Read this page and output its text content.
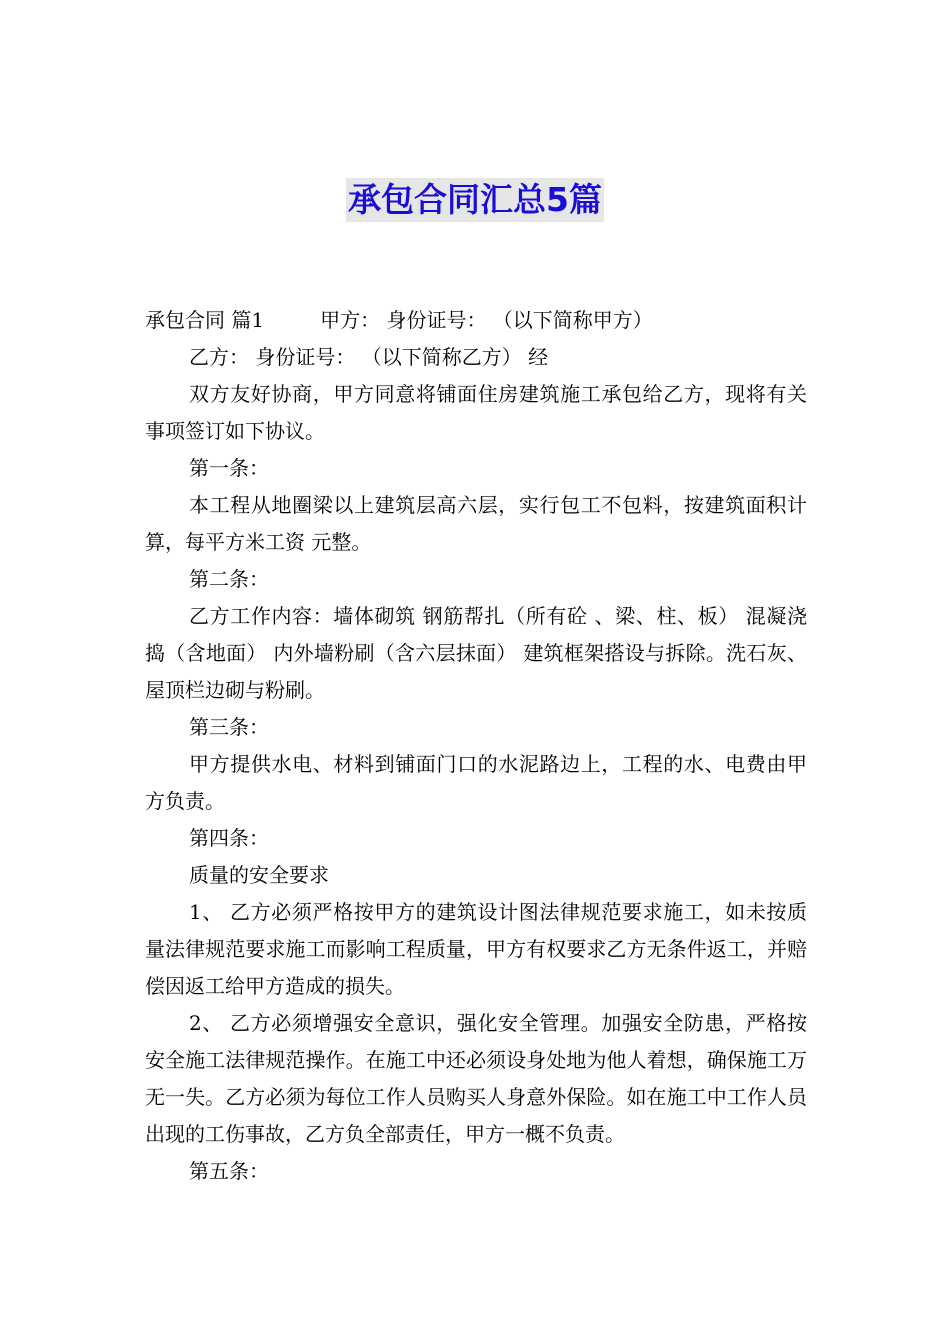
承包合同汇总5篇

承包合同 篇1	甲方： 身份证号： （以下简称甲方）

乙方： 身份证号： （以下简称乙方） 经

双方友好协商，甲方同意将铺面住房建筑施工承包给乙方，现将有关事项签订如下协议。

第一条：

本工程从地圈梁以上建筑层高六层，实行包工不包料，按建筑面积计算，每平方米工资 元整。

第二条：

乙方工作内容：墙体砌筑 钢筋帮扎（所有砼 、梁、柱、板） 混凝浇捣（含地面） 内外墙粉刷（含六层抹面） 建筑框架搭设与拆除。洗石灰、屋顶栏边砌与粉刷。

第三条：

甲方提供水电、材料到铺面门口的水泥路边上，工程的水、电费由甲方负责。

第四条：

质量的安全要求

1、 乙方必须严格按甲方的建筑设计图法律规范要求施工，如未按质量法律规范要求施工而影响工程质量，甲方有权要求乙方无条件返工，并赔偿因返工给甲方造成的损失。

2、 乙方必须增强安全意识，强化安全管理。加强安全防患，严格按安全施工法律规范操作。在施工中还必须设身处地为他人着想，确保施工万无一失。乙方必须为每位工作人员购买人身意外保险。如在施工中工作人员出现的工伤事故，乙方负全部责任，甲方一概不负责。

第五条：
